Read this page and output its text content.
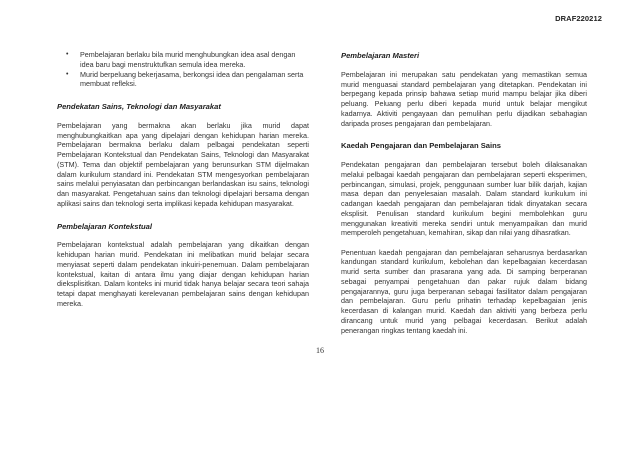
DRAF220212
• Pembelajaran berlaku bila murid menghubungkan idea asal dengan idea baru bagi menstruktufkan semula idea mereka.
• Murid berpeluang bekerjasama, berkongsi idea dan pengalaman serta membuat refleksi.
Pendekatan Sains, Teknologi dan Masyarakat

Pembelajaran yang bermakna akan berlaku jika murid dapat menghubungkaitkan apa yang dipelajari dengan kehidupan harian mereka. Pembelajaran bermakna berlaku dalam pelbagai pendekatan seperti Pembelajaran Kontekstual dan Pendekatan Sains, Teknologi dan Masyarakat (STM). Tema dan objektif pembelajaran yang berunsurkan STM dijelmakan dalam kurikulum standard ini. Pendekatan STM mengesyorkan pembelajaran sains melalui penyiasatan dan perbincangan berlandaskan isu sains, teknologi dan masyarakat. Pengetahuan sains dan teknologi dipelajari bersama dengan aplikasi sains dan teknologi serta implikasi kepada kehidupan masyarakat.

Pembelajaran Kontekstual

Pembelajaran kontekstual adalah pembelajaran yang dikaitkan dengan kehidupan harian murid. Pendekatan ini melibatkan murid belajar secara menyiasat seperti dalam pendekatan inkuiri-penemuan. Dalam pembelajaran kontekstual, kaitan di antara ilmu yang diajar dengan kehidupan harian dieksplisitkan. Dalam konteks ini murid tidak hanya belajar secara teori sahaja tetapi dapat menghayati kerelevanan pembelajaran sains dengan kehidupan mereka.

Pembelajaran Masteri

Pembelajaran ini merupakan satu pendekatan yang memastikan semua murid menguasai standard pembelajaran yang ditetapkan. Pendekatan ini berpegang kepada prinsip bahawa setiap murid mampu belajar jika diberi peluang. Peluang perlu diberi kepada murid untuk belajar mengikut kadarnya. Aktiviti pengayaan dan pemulihan perlu dijadikan sebahagian daripada proses pengajaran dan pembelajaran.

Kaedah Pengajaran dan Pembelajaran Sains

Pendekatan pengajaran dan pembelajaran tersebut boleh dilaksanakan melalui pelbagai kaedah pengajaran dan pembelajaran seperti eksperimen, perbincangan, simulasi, projek, penggunaan sumber luar bilik darjah, kajian masa depan dan penyelesaian masalah. Dalam standard kurikulum ini cadangan kaedah pengajaran dan pembelajaran tidak dinyatakan secara eksplisit. Penulisan standard kurikulum begini membolehkan guru menggunakan kreativiti mereka sendiri untuk menyampaikan dan murid memperoleh pengetahuan, kemahiran, sikap dan nilai yang dihasratkan.

Penentuan kaedah pengajaran dan pembelajaran seharusnya berdasarkan kandungan standard kurikulum, kebolehan dan kepelbagaian kecerdasan murid serta sumber dan prasarana yang ada. Di samping berperanan sebagai penyampai pengetahuan dan pakar rujuk dalam bidang pengajarannya, guru juga berperanan sebagai fasilitator dalam pengajaran dan pembelajaran. Guru perlu prihatin terhadap kepelbagaian jenis kecerdasan di kalangan murid. Kaedah dan aktiviti yang berbeza perlu dirancang untuk murid yang pelbagai kecerdasan. Berikut adalah penerangan ringkas tentang kaedah ini.

16
